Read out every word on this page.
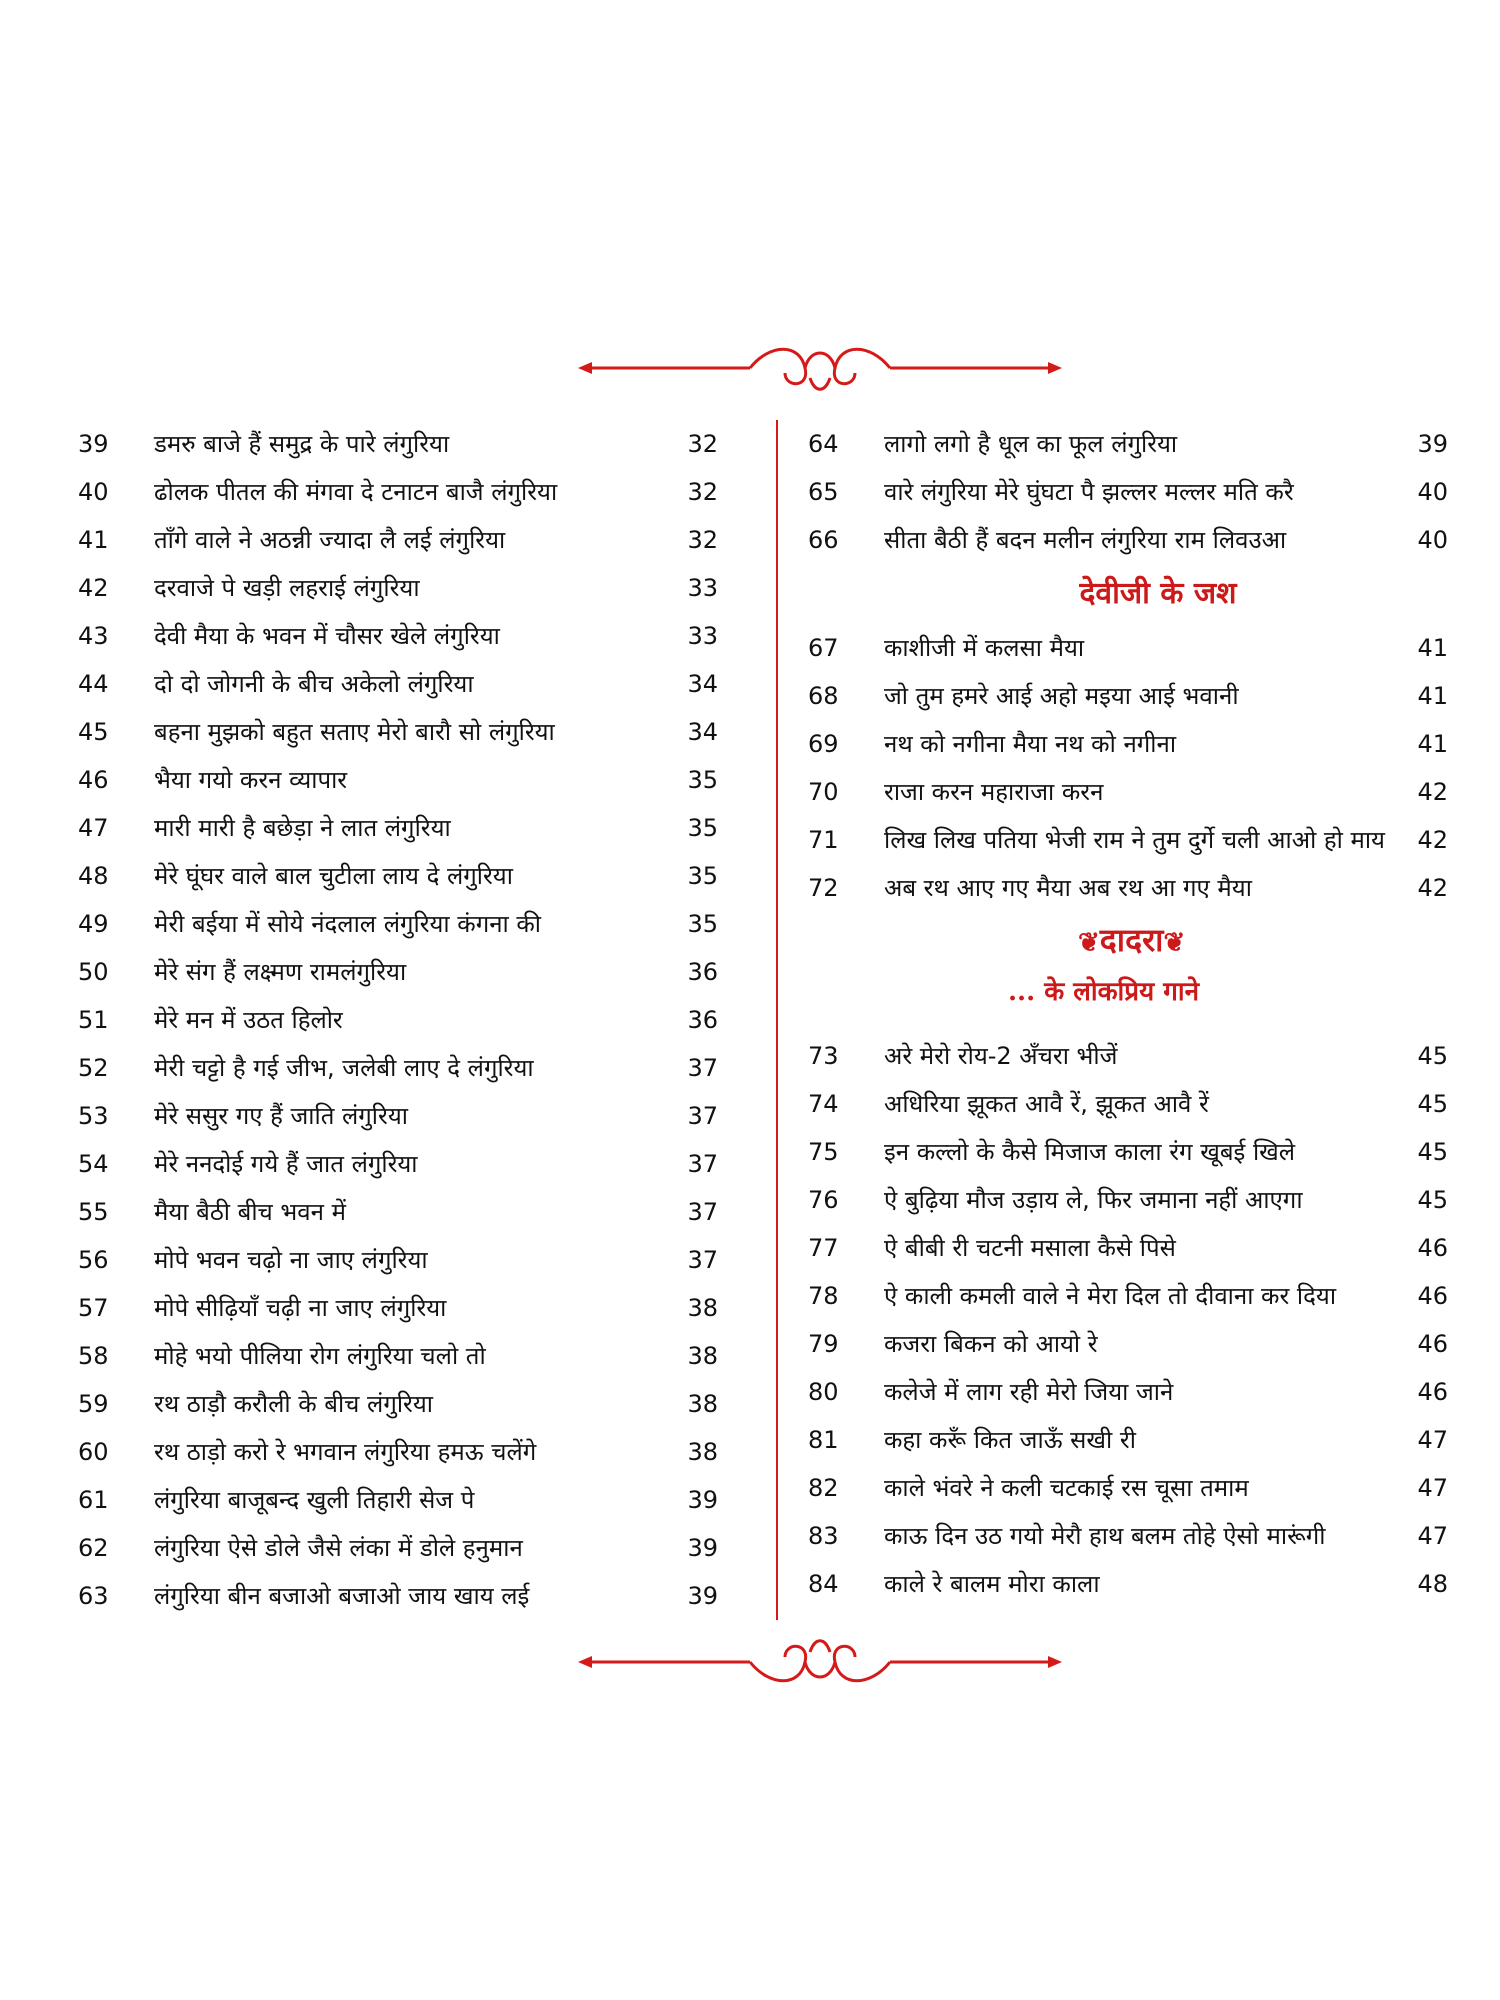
39	डमरु बाजे हैं समुद्र के पारे लंगुरिया	32
40	ढोलक पीतल की मंगवा दे टनाटन बाजै लंगुरिया	32
41	ताँगे वाले ने अठन्नी ज्यादा लै लई लंगुरिया	32
42	दरवाजे पे खड़ी लहराई लंगुरिया	33
43	देवी मैया के भवन में चौसर खेले लंगुरिया	33
44	दो दो जोगनी के बीच अकेलो लंगुरिया	34
45	बहना मुझको बहुत सताए मेरो बारौ सो लंगुरिया	34
46	भैया गयो करन व्यापार	35
47	मारी मारी है बछेड़ा ने लात लंगुरिया	35
48	मेरे घूंघर वाले बाल चुटीला लाय दे लंगुरिया	35
49	मेरी बईया में सोये नंदलाल लंगुरिया कंगना की	35
50	मेरे संग हैं लक्ष्मण रामलंगुरिया	36
51	मेरे मन में उठत हिलोर	36
52	मेरी चट्टो है गई जीभ, जलेबी लाए दे लंगुरिया	37
53	मेरे ससुर गए हैं जाति लंगुरिया	37
54	मेरे ननदोई गये हैं जात लंगुरिया	37
55	मैया बैठी बीच भवन में	37
56	मोपे भवन चढ़ो ना जाए लंगुरिया	37
57	मोपे सीढ़ियाँ चढ़ी ना जाए लंगुरिया	38
58	मोहे भयो पीलिया रोग लंगुरिया चलो तो	38
59	रथ ठाड़ौ करौली के बीच लंगुरिया	38
60	रथ ठाड़ो करो रे भगवान लंगुरिया हमऊ चलेंगे	38
61	लंगुरिया बाजूबन्द खुली तिहारी सेज पे	39
62	लंगुरिया ऐसे डोले जैसे लंका में डोले हनुमान	39
63	लंगुरिया बीन बजाओ बजाओ जाय खाय लई	39
64	लागो लगो है धूल का फूल लंगुरिया	39
65	वारे लंगुरिया मेरे घुंघटा पै झल्लर मल्लर मति करै	40
66	सीता बैठी हैं बदन मलीन लंगुरिया राम लिवउआ	40
देवीजी के जश
67	काशीजी में कलसा मैया	41
68	जो तुम हमरे आई अहो मइया आई भवानी	41
69	नथ को नगीना मैया नथ को नगीना	41
70	राजा करन महाराजा करन	42
71	लिख लिख पतिया भेजी राम ने तुम दुर्गे चली आओ हो माय	42
72	अब रथ आए गए मैया अब रथ आ गए मैया	42
❦दादरा❦
... के लोकप्रिय गाने
73	अरे मेरो रोय-2 अँचरा भीजें	45
74	अधिरिया झूकत आवै रें, झूकत आवै रें	45
75	इन कल्लो के कैसे मिजाज काला रंग खूबई खिले	45
76	ऐ बुढ़िया मौज उड़ाय ले, फिर जमाना नहीं आएगा	45
77	ऐ बीबी री चटनी मसाला कैसे पिसे	46
78	ऐ काली कमली वाले ने मेरा दिल तो दीवाना कर दिया	46
79	कजरा बिकन को आयो रे	46
80	कलेजे में लाग रही मेरो जिया जाने	46
81	कहा करूँ कित जाऊँ सखी री	47
82	काले भंवरे ने कली चटकाई रस चूसा तमाम	47
83	काऊ दिन उठ गयो मेरौ हाथ बलम तोहे ऐसो मारूंगी	47
84	काले रे बालम मोरा काला	48
